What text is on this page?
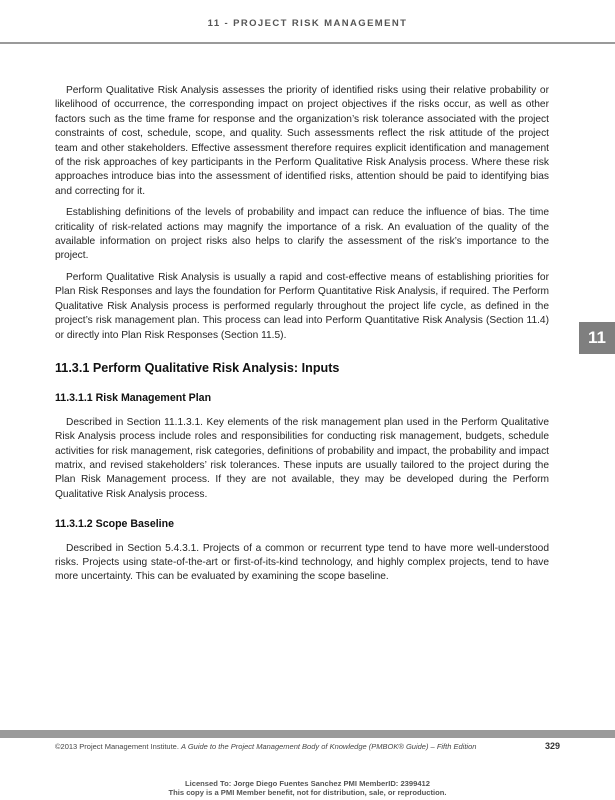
11 - PROJECT RISK MANAGEMENT
11

Perform Qualitative Risk Analysis assesses the priority of identified risks using their relative probability or likelihood of occurrence, the corresponding impact on project objectives if the risks occur, as well as other factors such as the time frame for response and the organization’s risk tolerance associated with the project constraints of cost, schedule, scope, and quality. Such assessments reflect the risk attitude of the project team and other stakeholders. Effective assessment therefore requires explicit identification and management of the risk approaches of key participants in the Perform Qualitative Risk Analysis process. Where these risk approaches introduce bias into the assessment of identified risks, attention should be paid to identifying bias and correcting for it.

Establishing definitions of the levels of probability and impact can reduce the influence of bias. The time criticality of risk-related actions may magnify the importance of a risk. An evaluation of the quality of the available information on project risks also helps to clarify the assessment of the risk’s importance to the project.

Perform Qualitative Risk Analysis is usually a rapid and cost-effective means of establishing priorities for Plan Risk Responses and lays the foundation for Perform Quantitative Risk Analysis, if required. The Perform Qualitative Risk Analysis process is performed regularly throughout the project life cycle, as defined in the project’s risk management plan. This process can lead into Perform Quantitative Risk Analysis (Section 11.4) or directly into Plan Risk Responses (Section 11.5).

11.3.1 Perform Qualitative Risk Analysis: Inputs
11.3.1.1 Risk Management Plan

Described in Section 11.1.3.1. Key elements of the risk management plan used in the Perform Qualitative Risk Analysis process include roles and responsibilities for conducting risk management, budgets, schedule activities for risk management, risk categories, definitions of probability and impact, the probability and impact matrix, and revised stakeholders’ risk tolerances. These inputs are usually tailored to the project during the Plan Risk Management process. If they are not available, they may be developed during the Perform Qualitative Risk Analysis process.

11.3.1.2 Scope Baseline

Described in Section 5.4.3.1. Projects of a common or recurrent type tend to have more well-understood risks. Projects using state-of-the-art or first-of-its-kind technology, and highly complex projects, tend to have more uncertainty. This can be evaluated by examining the scope baseline.

©2013 Project Management Institute. A Guide to the Project Management Body of Knowledge (PMBOK® Guide) – Fifth Edition	329
Licensed To: Jorge Diego Fuentes Sanchez PMI MemberID: 2399412
This copy is a PMI Member benefit, not for distribution, sale, or reproduction.
